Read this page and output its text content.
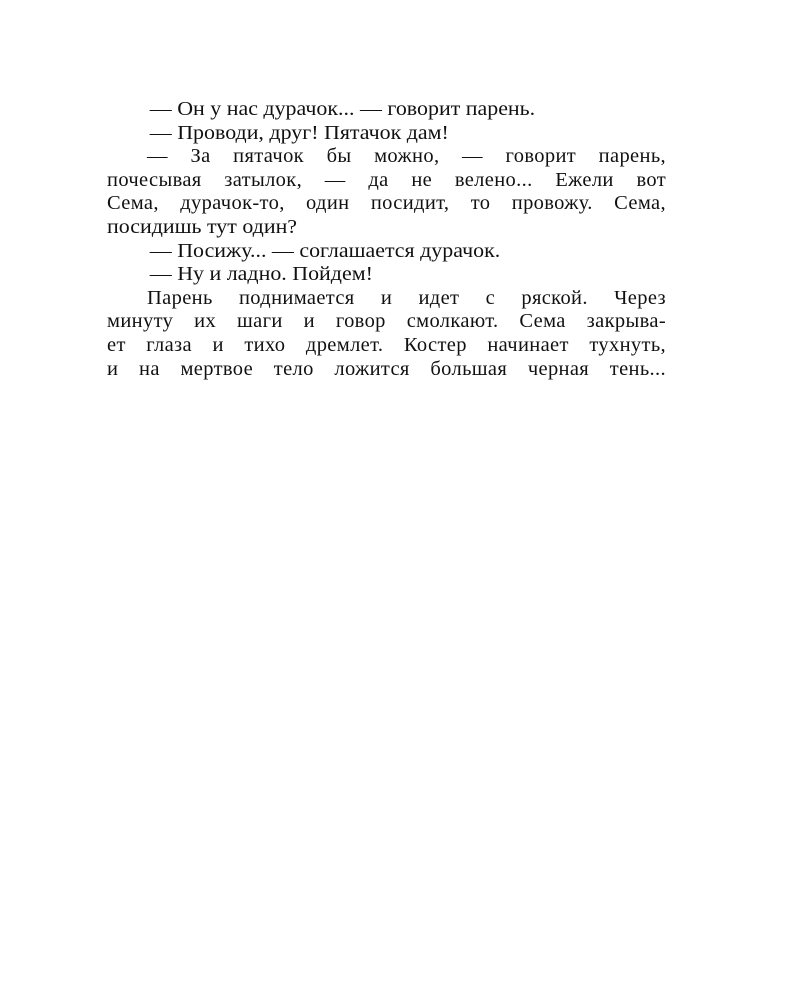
— Он у нас дурачок... — говорит парень.
— Проводи, друг! Пятачок дам!
— За пятачок бы можно, — говорит парень,
почесывая затылок, — да не велено... Ежели вот
Сема, дурачок-то, один посидит, то провожу. Сема,
посидишь тут один?
— Посижу... — соглашается дурачок.
— Ну и ладно. Пойдем!
Парень поднимается и идет с ряской. Через
минуту их шаги и говор смолкают. Сема закрыва-
ет глаза и тихо дремлет. Костер начинает тухнуть,
и на мертвое тело ложится большая черная тень...
